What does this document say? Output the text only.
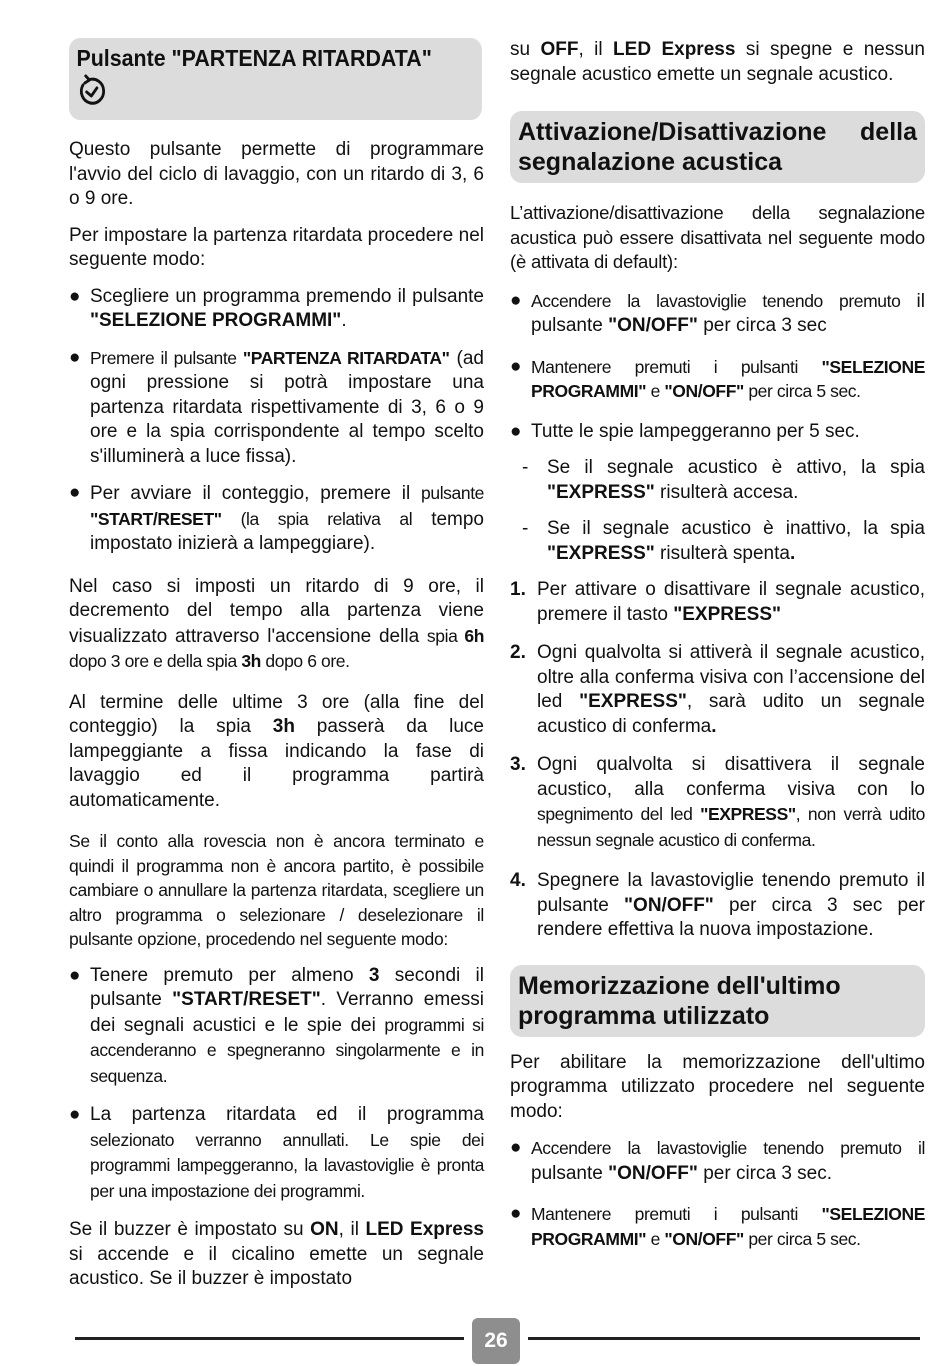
Pulsante "PARTENZA RITARDATA"

Questo pulsante permette di programmare l'avvio del ciclo di lavaggio, con un ritardo di 3, 6 o 9 ore.

Per impostare la partenza ritardata procedere nel seguente modo:

● Scegliere un programma premendo il pulsante "SELEZIONE PROGRAMMI".
● Premere il pulsante "PARTENZA RITARDATA" (ad ogni pressione si potrà impostare una partenza ritardata rispettivamente di 3, 6 o 9 ore e la spia corrispondente al tempo scelto s'illuminerà a luce fissa).
● Per avviare il conteggio, premere il pulsante "START/RESET" (la spia relativa al tempo impostato inizierà a lampeggiare).

Nel caso si imposti un ritardo di 9 ore, il decremento del tempo alla partenza viene visualizzato attraverso l'accensione della spia 6h dopo 3 ore e della spia 3h dopo 6 ore.

Al termine delle ultime 3 ore (alla fine del conteggio) la spia 3h passerà da luce lampeggiante a fissa indicando la fase di lavaggio ed il programma partirà automaticamente.

Se il conto alla rovescia non è ancora terminato e quindi il programma non è ancora partito, è possibile cambiare o annullare la partenza ritardata, scegliere un altro programma o selezionare / deselezionare il pulsante opzione, procedendo nel seguente modo:

● Tenere premuto per almeno 3 secondi il pulsante "START/RESET". Verranno emessi dei segnali acustici e le spie dei programmi si accenderanno e spegneranno singolarmente e in sequenza.
● La partenza ritardata ed il programma selezionato verranno annullati. Le spie dei programmi lampeggeranno, la lavastoviglie è pronta per una impostazione dei programmi.

Se il buzzer è impostato su ON, il LED Express si accende e il cicalino emette un segnale acustico. Se il buzzer è impostato

su OFF, il LED Express si spegne e nessun segnale acustico emette un segnale acustico.

Attivazione/Disattivazione della segnalazione acustica

L’attivazione/disattivazione della segnalazione acustica può essere disattivata nel seguente modo (è attivata di default):

● Accendere la lavastoviglie tenendo premuto il pulsante "ON/OFF" per circa 3 sec
● Mantenere premuti i pulsanti "SELEZIONE PROGRAMMI" e "ON/OFF" per circa 5 sec.
● Tutte le spie lampeggeranno per 5 sec.
- Se il segnale acustico è attivo, la spia "EXPRESS" risulterà accesa.
- Se il segnale acustico è inattivo, la spia "EXPRESS" risulterà spenta.
1. Per attivare o disattivare il segnale acustico, premere il tasto "EXPRESS"
2. Ogni qualvolta si attiverà il segnale acustico, oltre alla conferma visiva con l’accensione del led "EXPRESS", sarà udito un segnale acustico di conferma.
3. Ogni qualvolta si disattivera il segnale acustico, alla conferma visiva con lo spegnimento del led "EXPRESS", non verrà udito nessun segnale acustico di conferma.
4. Spegnere la lavastoviglie tenendo premuto il pulsante "ON/OFF" per circa 3 sec per rendere effettiva la nuova impostazione.
Memorizzazione dell'ultimo programma utilizzato

Per abilitare la memorizzazione dell'ultimo programma utilizzato procedere nel seguente modo:

● Accendere la lavastoviglie tenendo premuto il pulsante "ON/OFF" per circa 3 sec.
● Mantenere premuti i pulsanti "SELEZIONE PROGRAMMI" e "ON/OFF" per circa 5 sec.
26
